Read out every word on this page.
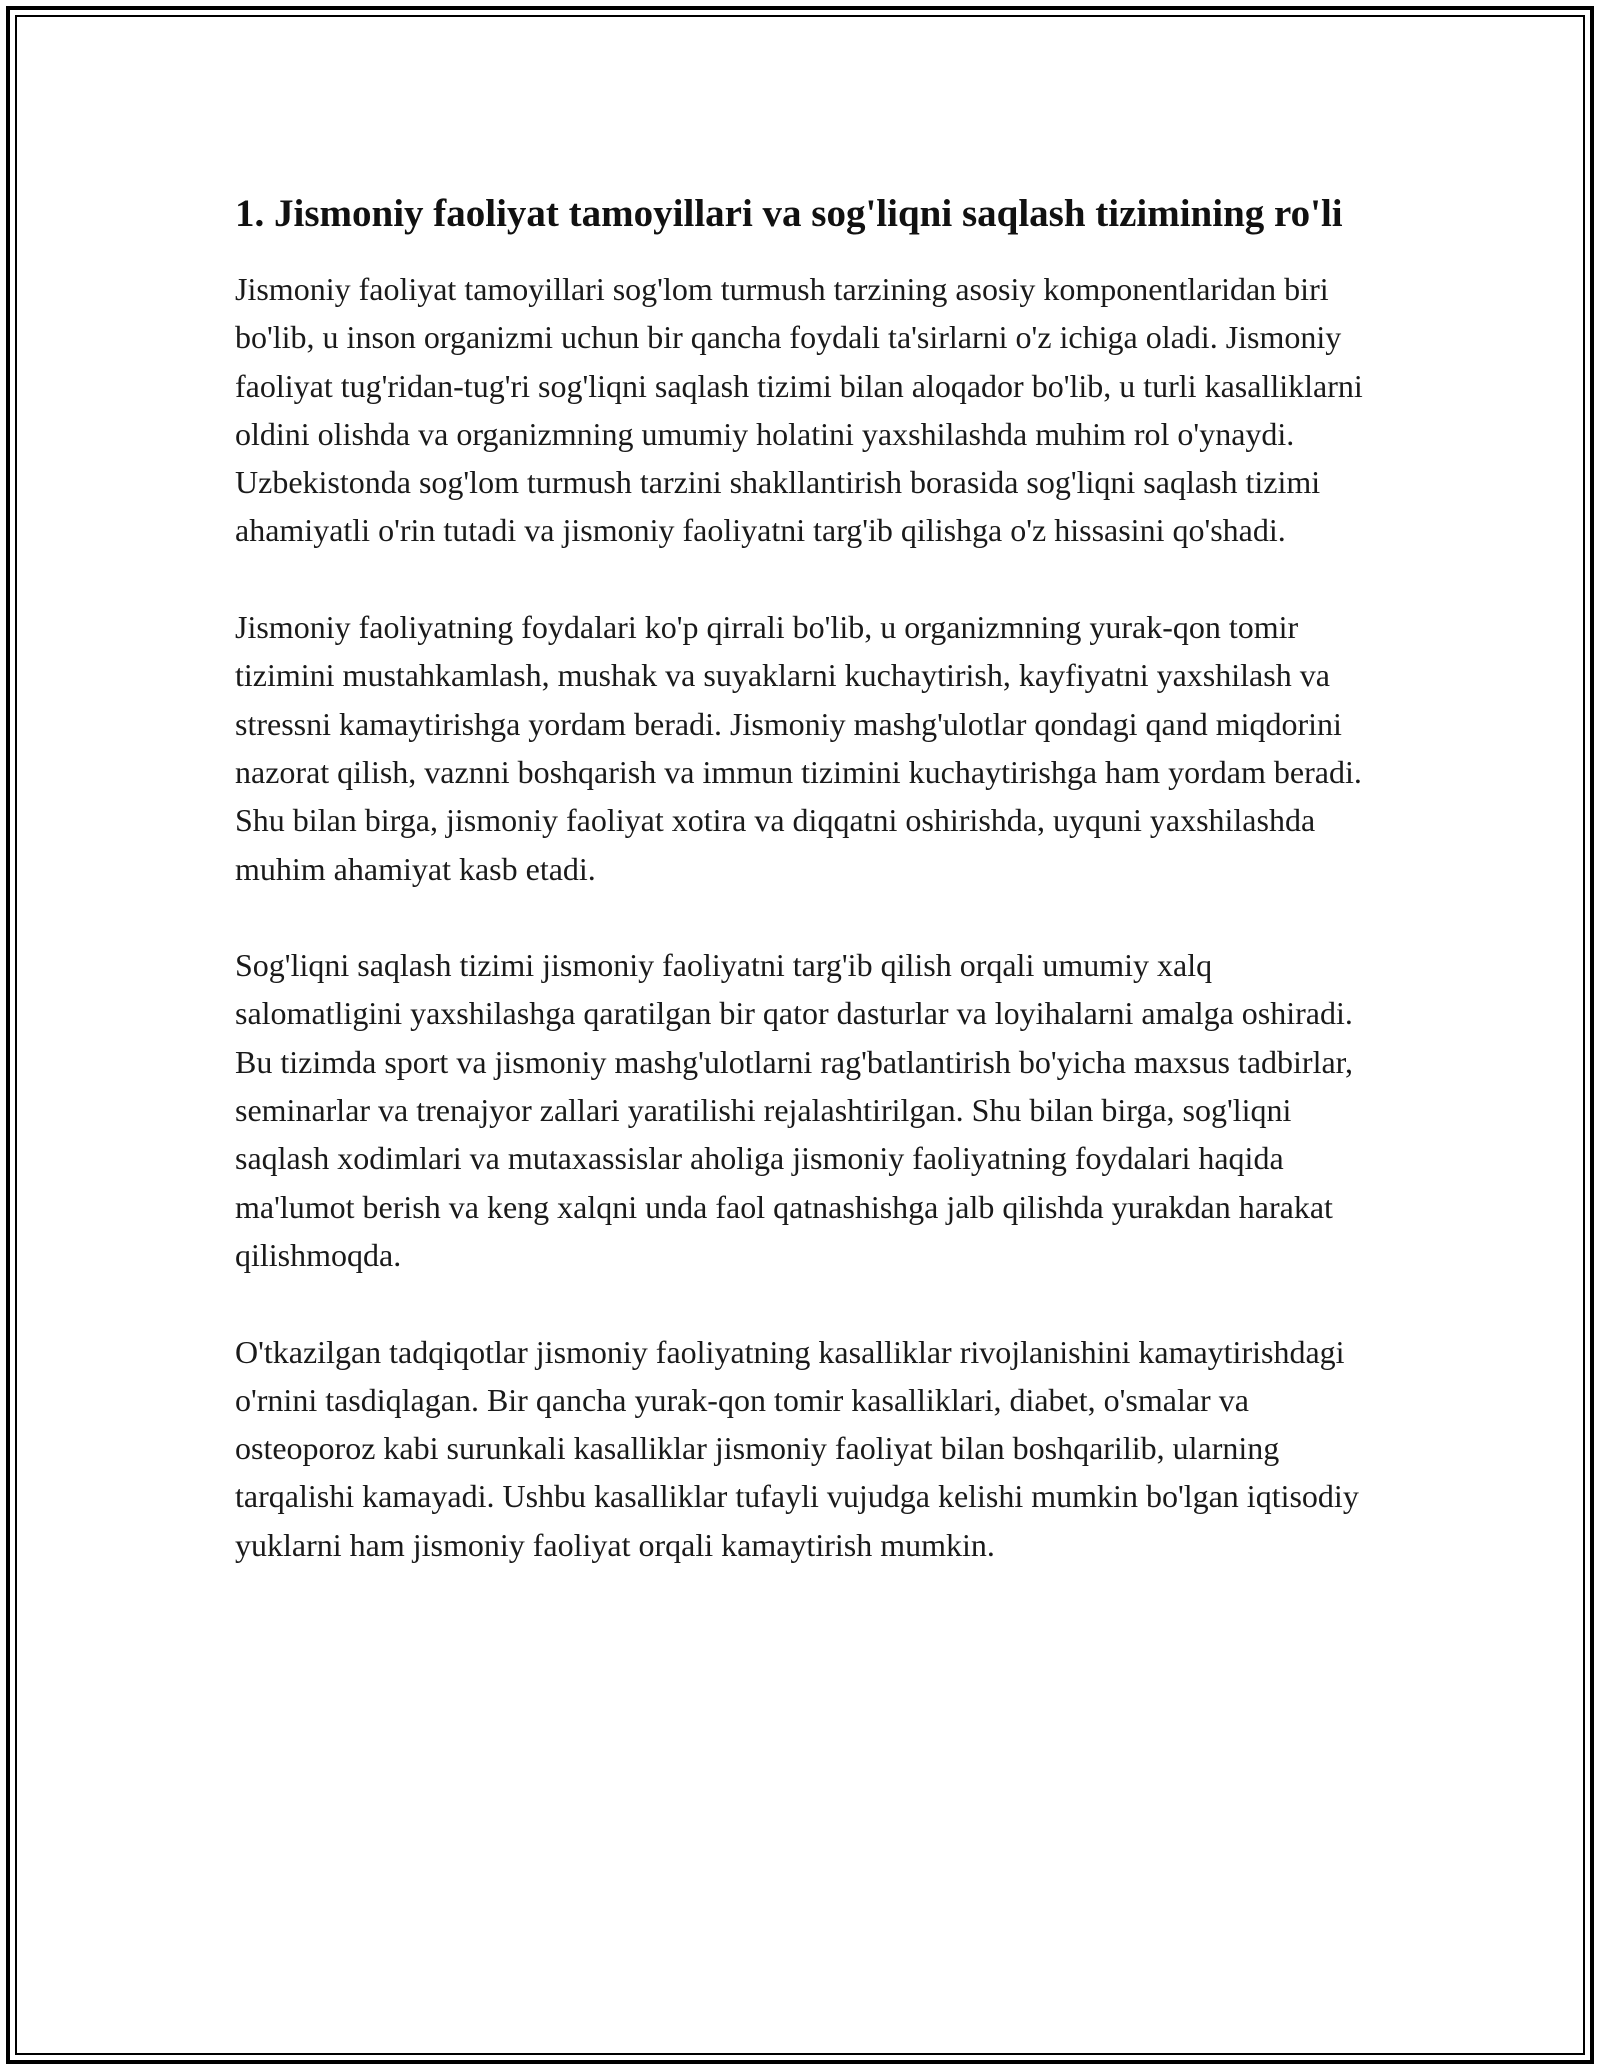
1. Jismoniy faoliyat tamoyillari va sog'liqni saqlash tizimining ro'li

Jismoniy faoliyat tamoyillari sog'lom turmush tarzining asosiy komponentlaridan biri bo'lib, u inson organizmi uchun bir qancha foydali ta'sirlarni o'z ichiga oladi. Jismoniy faoliyat tug'ridan-tug'ri sog'liqni saqlash tizimi bilan aloqador bo'lib, u turli kasalliklarni oldini olishda va organizmning umumiy holatini yaxshilashda muhim rol o'ynaydi. Uzbekistonda sog'lom turmush tarzini shakllantirish borasida sog'liqni saqlash tizimi ahamiyatli o'rin tutadi va jismoniy faoliyatni targ'ib qilishga o'z hissasini qo'shadi.

Jismoniy faoliyatning foydalari ko'p qirrali bo'lib, u organizmning yurak-qon tomir tizimini mustahkamlash, mushak va suyaklarni kuchaytirish, kayfiyatni yaxshilash va stressni kamaytirishga yordam beradi. Jismoniy mashg'ulotlar qondagi qand miqdorini nazorat qilish, vaznni boshqarish va immun tizimini kuchaytirishga ham yordam beradi. Shu bilan birga, jismoniy faoliyat xotira va diqqatni oshirishda, uyquni yaxshilashda muhim ahamiyat kasb etadi.

Sog'liqni saqlash tizimi jismoniy faoliyatni targ'ib qilish orqali umumiy xalq salomatligini yaxshilashga qaratilgan bir qator dasturlar va loyihalarni amalga oshiradi. Bu tizimda sport va jismoniy mashg'ulotlarni rag'batlantirish bo'yicha maxsus tadbirlar, seminarlar va trenajyor zallari yaratilishi rejalashtirilgan. Shu bilan birga, sog'liqni saqlash xodimlari va mutaxassislar aholiga jismoniy faoliyatning foydalari haqida ma'lumot berish va keng xalqni unda faol qatnashishga jalb qilishda yurakdan harakat qilishmoqda.

O'tkazilgan tadqiqotlar jismoniy faoliyatning kasalliklar rivojlanishini kamaytirishdagi o'rnini tasdiqlagan. Bir qancha yurak-qon tomir kasalliklari, diabet, o'smalar va osteoporoz kabi surunkali kasalliklar jismoniy faoliyat bilan boshqarilib, ularning tarqalishi kamayadi. Ushbu kasalliklar tufayli vujudga kelishi mumkin bo'lgan iqtisodiy yuklarni ham jismoniy faoliyat orqali kamaytirish mumkin.
